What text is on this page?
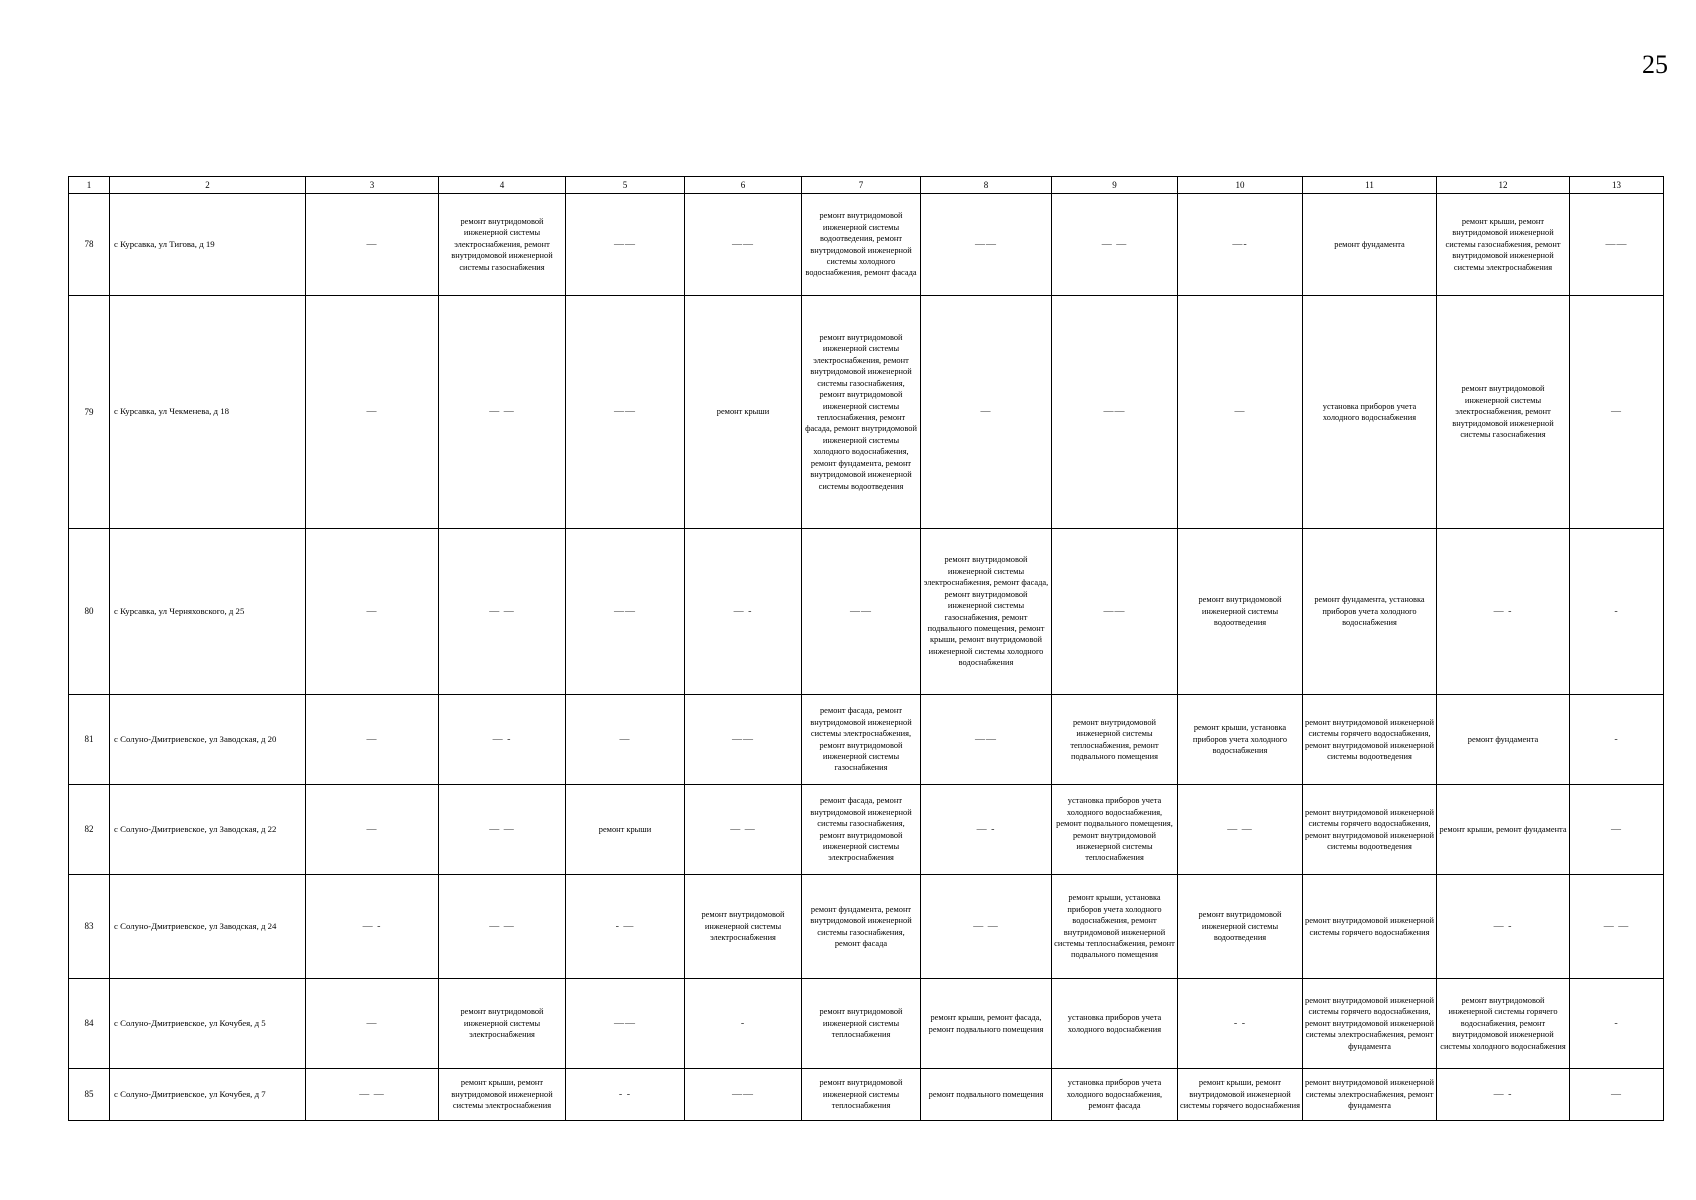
25
1	2	3	4	5	6	7	8	9	10	11	12	13
78	с Курсавка, ул Тигова, д 19	—	ремонт внутридомовой инженерной системы электроснабжения, ремонт внутридомовой инженерной системы газоснабжения	——	——	ремонт внутридомовой инженерной системы водоотведения, ремонт внутридомовой инженерной системы холодного водоснабжения, ремонт фасада	——	— —	—-	ремонт фундамента	ремонт крыши, ремонт внутридомовой инженерной системы газоснабжения, ремонт внутридомовой инженерной системы электроснабжения	——
79	с Курсавка, ул Чекменева, д 18	—	— —	——	ремонт крыши	ремонт внутридомовой инженерной системы электроснабжения, ремонт внутридомовой инженерной системы газоснабжения, ремонт внутридомовой инженерной системы теплоснабжения, ремонт фасада, ремонт внутридомовой инженерной системы холодного водоснабжения, ремонт фундамента, ремонт внутридомовой инженерной системы водоотведения	—	——	—	установка приборов учета холодного водоснабжения	ремонт внутридомовой инженерной системы электроснабжения, ремонт внутридомовой инженерной системы газоснабжения	—
80	с Курсавка, ул Черняховского, д 25	—	— —	——	— -	——	ремонт внутридомовой инженерной системы электроснабжения, ремонт фасада, ремонт внутридомовой инженерной системы газоснабжения, ремонт подвального помещения, ремонт крыши, ремонт внутридомовой инженерной системы холодного водоснабжения	——	ремонт внутридомовой инженерной системы водоотведения	ремонт фундамента, установка приборов учета холодного водоснабжения	— -	-
81	с Солуно-Дмитриевское, ул Заводская, д 20	—	— -	—	——	ремонт фасада, ремонт внутридомовой инженерной системы электроснабжения, ремонт внутридомовой инженерной системы газоснабжения	——	ремонт внутридомовой инженерной системы теплоснабжения, ремонт подвального помещения	ремонт крыши, установка приборов учета холодного водоснабжения	ремонт внутридомовой инженерной системы горячего водоснабжения, ремонт внутридомовой инженерной системы водоотведения	ремонт фундамента	-
82	с Солуно-Дмитриевское, ул Заводская, д 22	—	— —	ремонт крыши	— —	ремонт фасада, ремонт внутридомовой инженерной системы газоснабжения, ремонт внутридомовой инженерной системы электроснабжения	— -	установка приборов учета холодного водоснабжения, ремонт подвального помещения, ремонт внутридомовой инженерной системы теплоснабжения	— —	ремонт внутридомовой инженерной системы горячего водоснабжения, ремонт внутридомовой инженерной системы водоотведения	ремонт крыши, ремонт фундамента	—
83	с Солуно-Дмитриевское, ул Заводская, д 24	— -	— —	- —	ремонт внутридомовой инженерной системы электроснабжения	ремонт фундамента, ремонт внутридомовой инженерной системы газоснабжения, ремонт фасада	— —	ремонт крыши, установка приборов учета холодного водоснабжения, ремонт внутридомовой инженерной системы теплоснабжения, ремонт подвального помещения	ремонт внутридомовой инженерной системы водоотведения	ремонт внутридомовой инженерной системы горячего водоснабжения	— -	— —
84	с Солуно-Дмитриевское, ул Кочубея, д 5	—	ремонт внутридомовой инженерной системы электроснабжения	——	-	ремонт внутридомовой инженерной системы теплоснабжения	ремонт крыши, ремонт фасада, ремонт подвального помещения	установка приборов учета холодного водоснабжения	- -	ремонт внутридомовой инженерной системы горячего водоснабжения, ремонт внутридомовой инженерной системы электроснабжения, ремонт фундамента	ремонт внутридомовой инженерной системы горячего водоснабжения, ремонт внутридомовой инженерной системы холодного водоснабжения	-
85	с Солуно-Дмитриевское, ул Кочубея, д 7	— —	ремонт крыши, ремонт внутридомовой инженерной системы электроснабжения	- -	——	ремонт внутридомовой инженерной системы теплоснабжения	ремонт подвального помещения	установка приборов учета холодного водоснабжения, ремонт фасада	ремонт крыши, ремонт внутридомовой инженерной системы горячего водоснабжения	ремонт внутридомовой инженерной системы электроснабжения, ремонт фундамента	— -	—
